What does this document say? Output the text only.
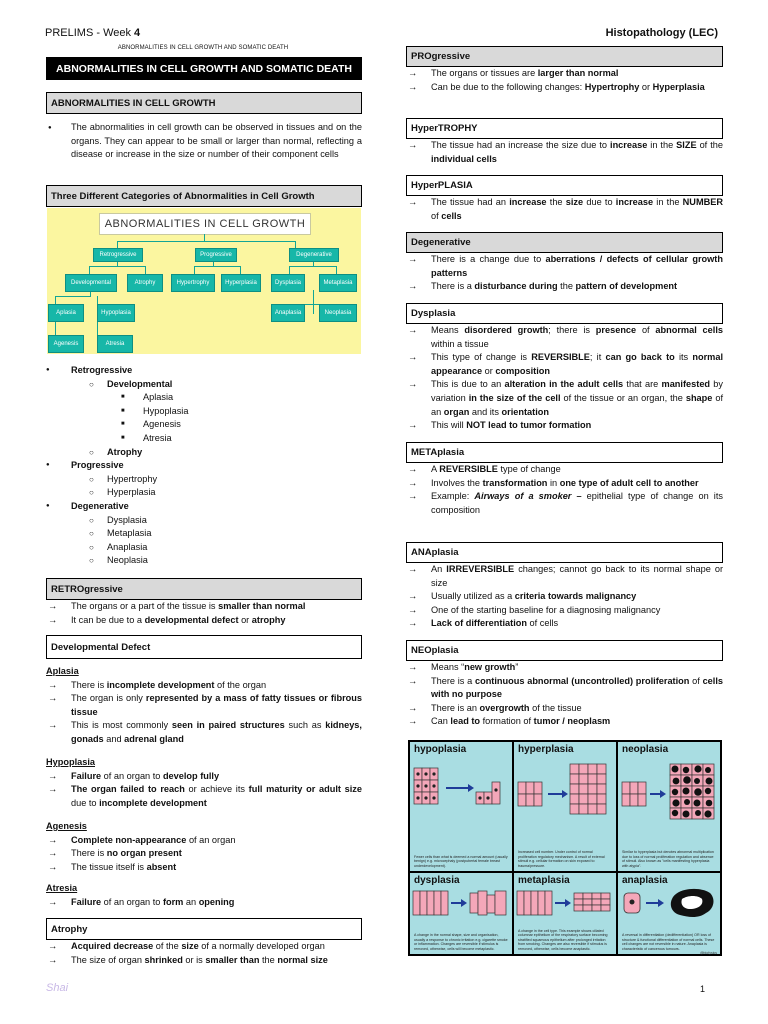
PRELIMS - Week 4	Histopathology (LEC)
ABNORMALITIES IN CELL GROWTH AND SOMATIC DEATH
ABNORMALITIES IN CELL GROWTH AND SOMATIC DEATH
ABNORMALITIES IN CELL GROWTH

● The abnormalities in cell growth can be observed in tissues and on the organs. They can appear to be small or larger than normal, reflecting a disease or increase in the size or number of their component cells

Three Different Categories of Abnormalities in Cell Growth
ABNORMALITIES IN CELL GROWTH
Retrogressive	Progressive	Degenerative
Developmental	Atrophy	Hypertrophy	Hyperplasia	Dysplasia	Metaplasia
Aplasia	Hypoplasia
Agenesis	Atresia
Anaplasia	Neoplasia
● Retrogressive
○ Developmental
■ Aplasia
■ Hypoplasia
■ Agenesis
■ Atresia
○ Atrophy
● Progressive
○ Hypertrophy
○ Hyperplasia
● Degenerative
○ Dysplasia
○ Metaplasia
○ Anaplasia
○ Neoplasia
RETROgressive

→ The organs or a part of the tissue is smaller than normal

→ It can be due to a developmental defect or atrophy

Developmental Defect

Aplasia

→ There is incomplete development of the organ

→ The organ is only represented by a mass of fatty tissues or fibrous tissue

→ This is most commonly seen in paired structures such as kidneys, gonads and adrenal gland

Hypoplasia

→ Failure of an organ to develop fully

→ The organ failed to reach or achieve its full maturity or adult size due to incomplete development

Agenesis

→ Complete non-appearance of an organ

→ There is no organ present

→ The tissue itself is absent

Atresia

→ Failure of an organ to form an opening

Atrophy

→ Acquired decrease of the size of a normally developed organ

→ The size of organ shrinked or is smaller than the normal size

PROgressive

→ The organs or tissues are larger than normal

→ Can be due to the following changes: Hypertrophy or Hyperplasia

HyperTROPHY

→ The tissue had an increase the size due to increase in the SIZE of the individual cells

HyperPLASIA

→ The tissue had an increase the size due to increase in the NUMBER of cells

Degenerative

→ There is a change due to aberrations / defects of cellular growth patterns

→ There is a disturbance during the pattern of development

Dysplasia

→ Means disordered growth; there is presence of abnormal cells within a tissue

→ This type of change is REVERSIBLE; it can go back to its normal appearance or composition

→ This is due to an alteration in the adult cells that are manifested by variation in the size of the cell of the tissue or an organ, the shape of an organ and its orientation

→ This will NOT lead to tumor formation

METAplasia

→ A REVERSIBLE type of change

→ Involves the transformation in one type of adult cell to another

→ Example: Airways of a smoker – epithelial type of change on its composition

ANAplasia

→ An IRREVERSIBLE changes; cannot go back to its normal shape or size

→ Usually utilized as a criteria towards malignancy

→ One of the starting baseline for a diagnosing malignancy

→ Lack of differentiation of cells

NEOplasia

→ Means “new growth”

→ There is a continuous abnormal (uncontrolled) proliferation of cells with no purpose

→ There is an overgrowth of the tissue

→ Can lead to formation of tumor / neoplasm

hypoplasia
Fewer cells than what is deemed a normal amount (usually benign) e.g. microcephaly (postpubertal female breast underdevelopment).
hyperplasia
Increased cell number. Under control of normal proliferation regulatory mechanism. A result of external stimuli e.g. cellular formation on skin exposed to trauma/pressure.
neoplasia
Similar to hyperplasia but denotes abnormal multiplication due to loss of normal proliferation regulation and absence of stimuli. Also known as "cells manifesting hyperplasia with atypia".
dysplasia
A change in the normal shape, size and organisation, usually a response to chronic irritation e.g. cigarette smoke or inflammation. Changes are reversible if stimulus is removed, otherwise, cells will become metaplastic.
metaplasia
A change in the cell type. This example shows ciliated columnar epithelium of the respiratory surface becoming stratified squamous epithelium after prolonged irritation from smoking. Changes are also reversible if stimulus is removed, otherwise, cells become anaplastic.
anaplasia
A reversal in differentiation (dedifferentiation) OR loss of structure & functional differentiation of normal cells. These cell changes are not reversible in nature. Anaplasia is characteristic of cancerous tumours.
@biofysics
Shai	1
